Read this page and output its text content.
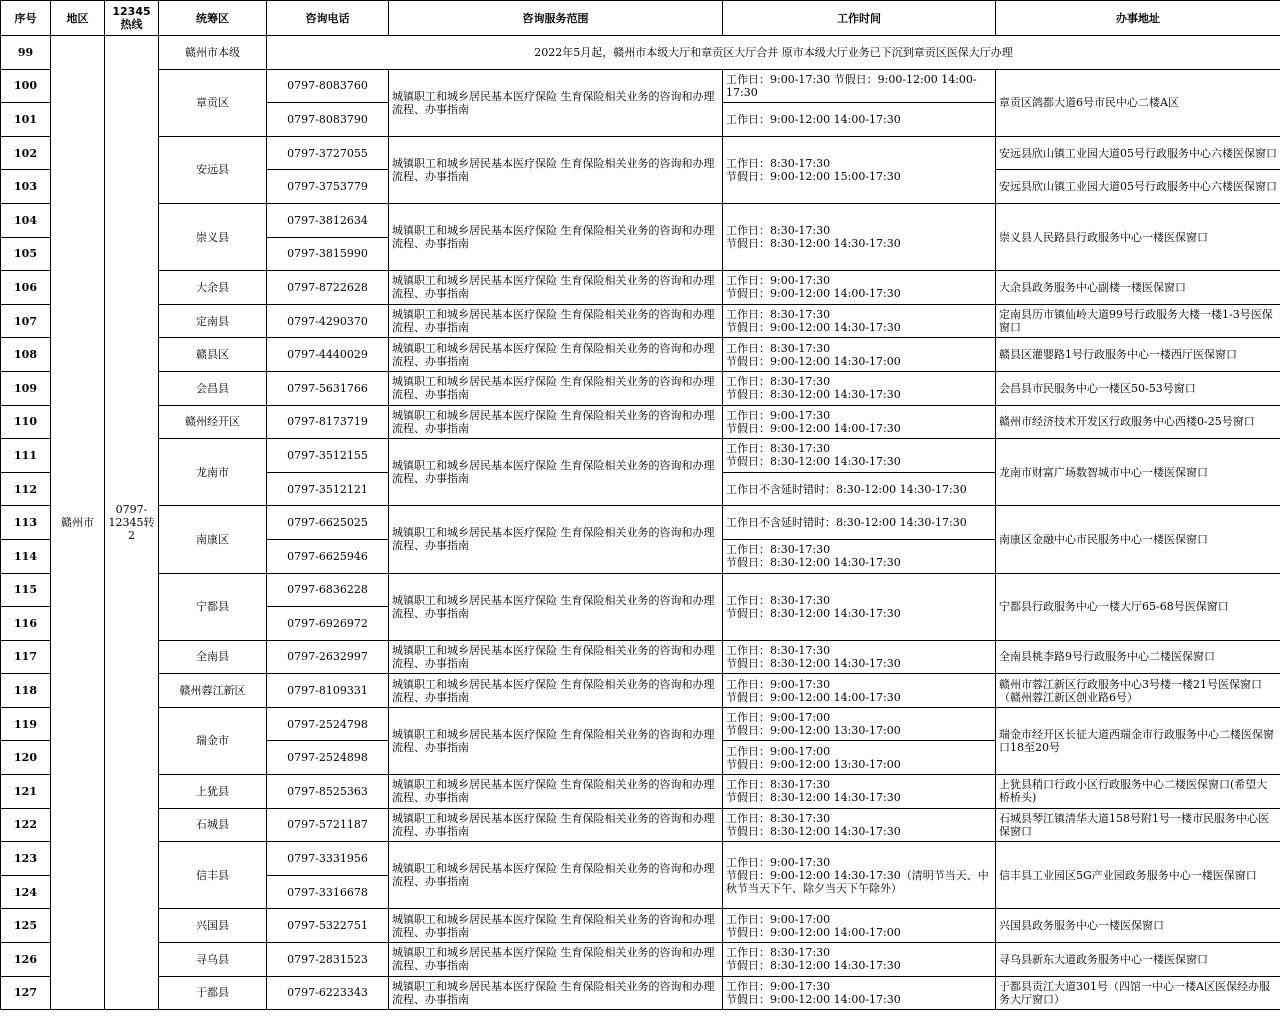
序号	地区	12345热线	统筹区	咨询电话	咨询服务范围	工作时间	办事地址
99	赣州市	0797-12345转2	赣州市本级	2022年5月起，赣州市本级大厅和章贡区大厅合并 原市本级大厅业务已下沉到章贡区医保大厅办理			
100			章贡区	0797-8083760	城镇职工和城乡居民基本医疗保险 生育保险相关业务的咨询和办理流程、办事指南	工作日：9:00-17:30 节假日：9:00-12:00 14:00-17:30	章贡区鸽都大道6号市民中心二楼A区
101				0797-8083790		工作日：9:00-12:00 14:00-17:30	
102			安远县	0797-3727055	城镇职工和城乡居民基本医疗保险 生育保险相关业务的咨询和办理流程、办事指南	工作日：8:30-17:30
节假日：9:00-12:00 15:00-17:30	安远县欣山镇工业园大道05号行政服务中心六楼医保窗口
103				0797-3753779			安远县欣山镇工业园大道05号行政服务中心六楼医保窗口
104			崇义县	0797-3812634	城镇职工和城乡居民基本医疗保险 生育保险相关业务的咨询和办理流程、办事指南	工作日：8:30-17:30
节假日：8:30-12:00 14:30-17:30	崇义县人民路县行政服务中心一楼医保窗口
105				0797-3815990			
106			大余县	0797-8722628	城镇职工和城乡居民基本医疗保险 生育保险相关业务的咨询和办理流程、办事指南	工作日：9:00-17:30
节假日：9:00-12:00 14:00-17:30	大余县政务服务中心副楼一楼医保窗口
107			定南县	0797-4290370	城镇职工和城乡居民基本医疗保险 生育保险相关业务的咨询和办理流程、办事指南	工作日：8:30-17:30
节假日：9:00-12:00 14:30-17:30	定南县历市镇仙岭大道99号行政服务大楼一楼1-3号医保窗口
108			赣县区	0797-4440029	城镇职工和城乡居民基本医疗保险 生育保险相关业务的咨询和办理流程、办事指南	工作日：8:30-17:30
节假日：9:00-12:00 14:30-17:00	赣县区灌婴路1号行政服务中心一楼西厅医保窗口
109			会昌县	0797-5631766	城镇职工和城乡居民基本医疗保险 生育保险相关业务的咨询和办理流程、办事指南	工作日：8:30-17:30
节假日：8:30-12:00 14:30-17:30	会昌县市民服务中心一楼区50-53号窗口
110			赣州经开区	0797-8173719	城镇职工和城乡居民基本医疗保险 生育保险相关业务的咨询和办理流程、办事指南	工作日：9:00-17:30
节假日：9:00-12:00 14:00-17:30	赣州市经济技术开发区行政服务中心西楼0-25号窗口
111			龙南市	0797-3512155	城镇职工和城乡居民基本医疗保险 生育保险相关业务的咨询和办理流程、办事指南	工作日：8:30-17:30
节假日：8:30-12:00 14:30-17:30	龙南市财富广场数智城市中心一楼医保窗口
112				0797-3512121		工作日不含延时错时：8:30-12:00 14:30-17:30	
113			南康区	0797-6625025	城镇职工和城乡居民基本医疗保险 生育保险相关业务的咨询和办理流程、办事指南	工作日不含延时错时：8:30-12:00 14:30-17:30	南康区金融中心市民服务中心一楼医保窗口
114				0797-6625946		工作日：8:30-17:30
节假日：8:30-12:00 14:30-17:30	
115			宁都县	0797-6836228	城镇职工和城乡居民基本医疗保险 生育保险相关业务的咨询和办理流程、办事指南	工作日：8:30-17:30
节假日：8:30-12:00 14:30-17:30	宁都县行政服务中心一楼大厅65-68号医保窗口
116				0797-6926972			
117			全南县	0797-2632997	城镇职工和城乡居民基本医疗保险 生育保险相关业务的咨询和办理流程、办事指南	工作日：8:30-17:30
节假日：8:30-12:00 14:30-17:30	全南县桃李路9号行政服务中心二楼医保窗口
118			赣州蓉江新区	0797-8109331	城镇职工和城乡居民基本医疗保险 生育保险相关业务的咨询和办理流程、办事指南	工作日：9:00-17:30
节假日：9:00-12:00 14:00-17:30	赣州市蓉江新区行政服务中心3号楼一楼21号医保窗口（赣州蓉江新区创业路6号）
119			瑞金市	0797-2524798	城镇职工和城乡居民基本医疗保险 生育保险相关业务的咨询和办理流程、办事指南	工作日：9:00-17:00
节假日：9:00-12:00 13:30-17:00	瑞金市经开区长征大道西瑞金市行政服务中心二楼医保窗口18至20号
120				0797-2524898		工作日：9:00-17:00
节假日：9:00-12:00 13:30-17:00	
121			上犹县	0797-8525363	城镇职工和城乡居民基本医疗保险 生育保险相关业务的咨询和办理流程、办事指南	工作日：8:30-17:30
节假日：8:30-12:00 14:30-17:30	上犹县稍口行政小区行政服务中心二楼医保窗口(希望大桥桥头)
122			石城县	0797-5721187	城镇职工和城乡居民基本医疗保险 生育保险相关业务的咨询和办理流程、办事指南	工作日：8:30-17:30
节假日：8:30-12:00 14:30-17:30	石城县琴江镇清华大道158号附1号一楼市民服务中心医保窗口
123			信丰县	0797-3331956	城镇职工和城乡居民基本医疗保险 生育保险相关业务的咨询和办理流程、办事指南	工作日：9:00-17:30
节假日：9:00-12:00 14:30-17:30（清明节当天、中秋节当天下午、除夕当天下午除外）	信丰县工业园区5G产业园政务服务中心一楼医保窗口
124				0797-3316678			
125			兴国县	0797-5322751	城镇职工和城乡居民基本医疗保险 生育保险相关业务的咨询和办理流程、办事指南	工作日：9:00-17:00
节假日：9:00-12:00 14:00-17:00	兴国县政务服务中心一楼医保窗口
126			寻乌县	0797-2831523	城镇职工和城乡居民基本医疗保险 生育保险相关业务的咨询和办理流程、办事指南	工作日：8:30-17:30
节假日：8:30-12:00 14:30-17:30	寻乌县新东大道政务服务中心一楼医保窗口
127			于都县	0797-6223343	城镇职工和城乡居民基本医疗保险 生育保险相关业务的咨询和办理流程、办事指南	工作日：9:00-17:30
节假日：9:00-12:00 14:00-17:30	于都县贡江大道301号（四馆一中心一楼A区医保经办服务大厅窗口）
